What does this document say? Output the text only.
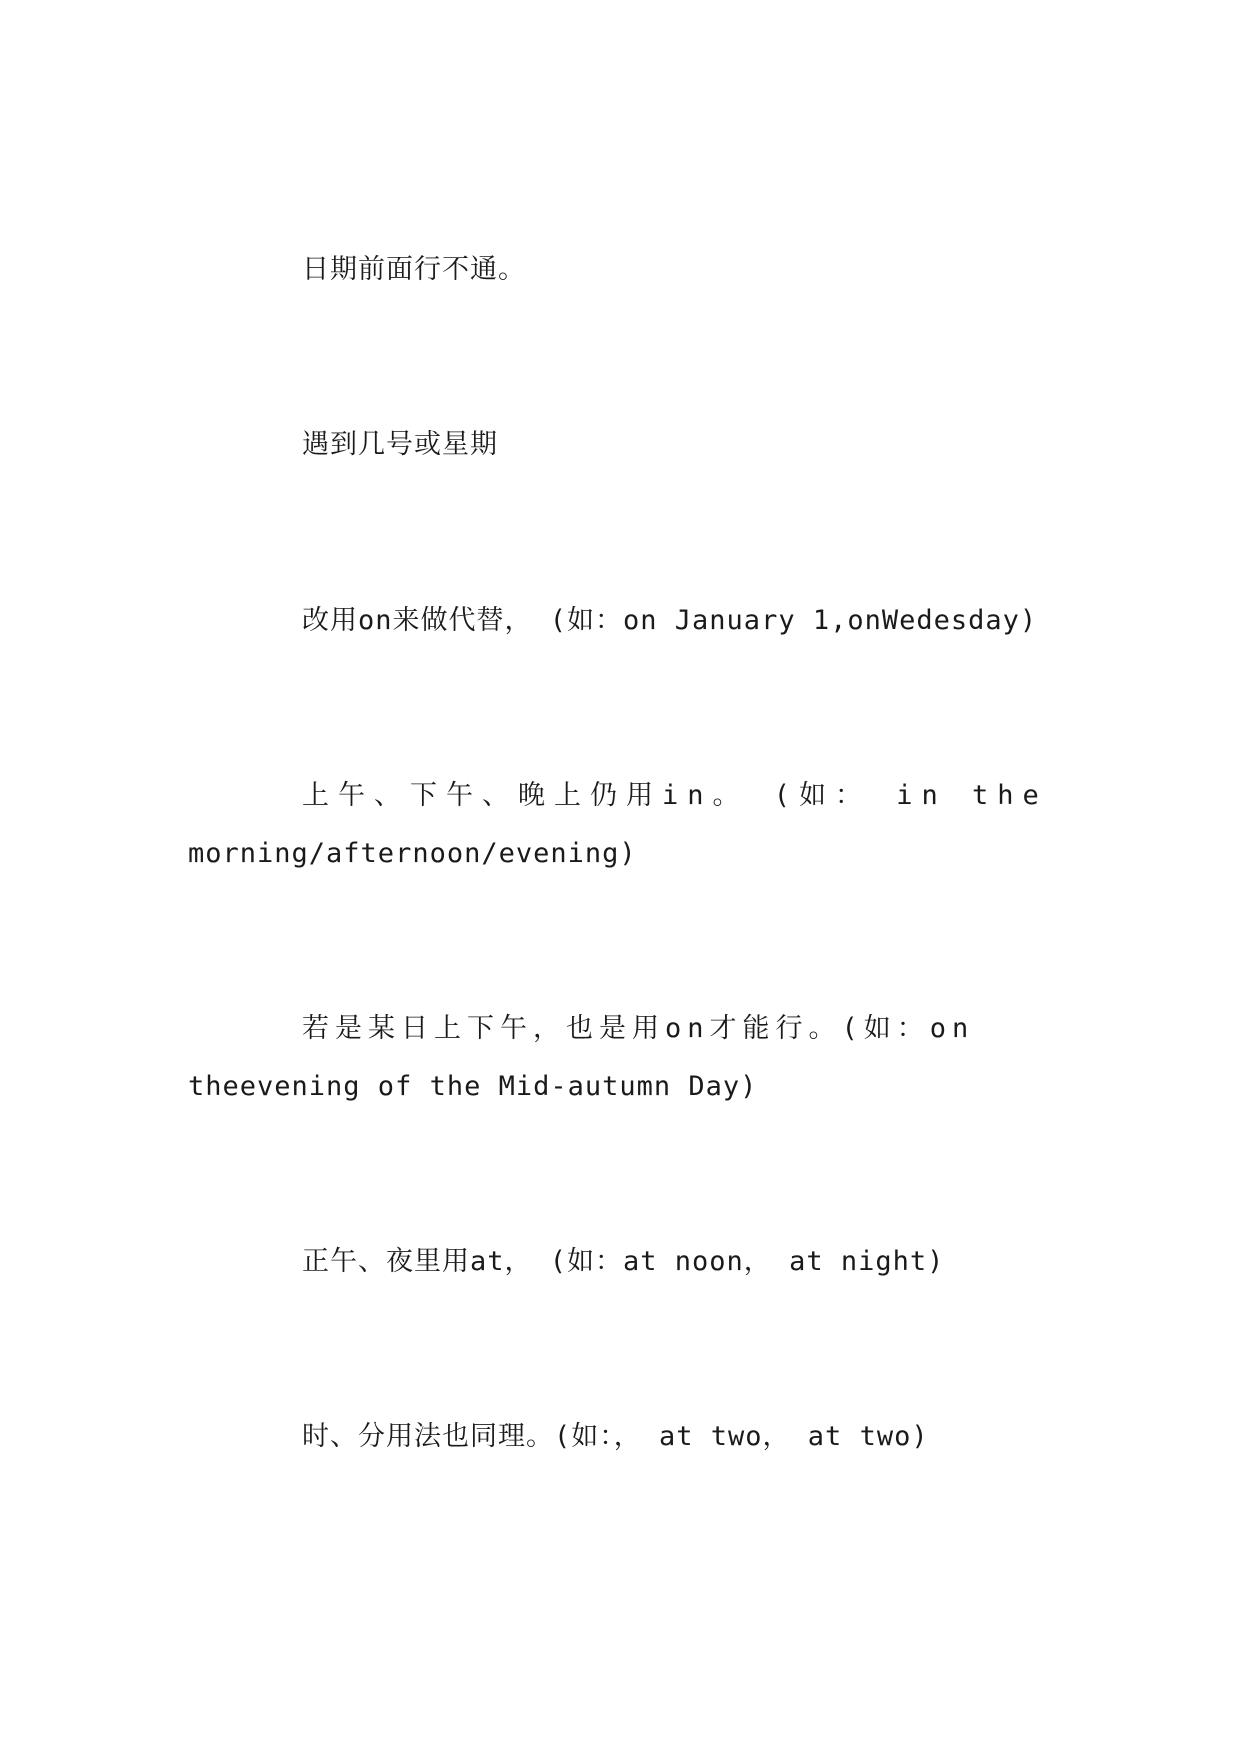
日期前面行不通。

遇到几号或星期

改用on来做代替， (如：on January 1,onWedesday)

上午、下午、晚上仍用in。 (如： in the
morning/afternoon/evening)

若是某日上下午，也是用on才能行。(如：on
theevening of the Mid-autumn Day)

正午、夜里用at， (如：at noon， at night)

时、分用法也同理。(如：， at two， at two)
